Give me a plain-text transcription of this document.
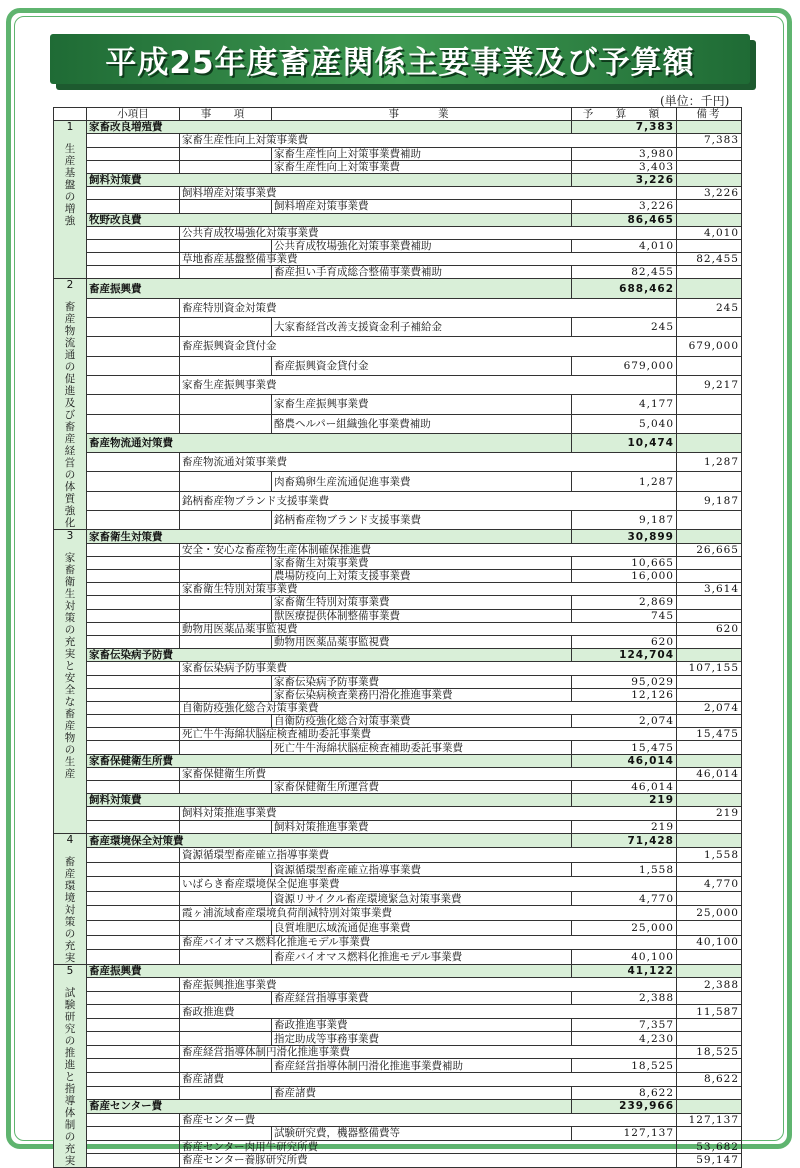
平成25年度畜産関係主要事業及び予算額
(単位：千円)
	小項目	事　項	事　　業	予　算　額	備考	

1
生産基盤の増強	家畜改良増殖費			7,383		
		家畜生産性向上対策事業費			7,383	
			家畜生産性向上対策事業費補助	3,980		
			家畜生産性向上対策事業費	3,403		
	飼料対策費			3,226		
		飼料増産対策事業費			3,226	
			飼料増産対策事業費	3,226		
	牧野改良費			86,465		
		公共育成牧場強化対策事業費			4,010	
			公共育成牧場強化対策事業費補助	4,010		
		草地畜産基盤整備事業費			82,455	
			畜産担い手育成総合整備事業費補助	82,455		

2
畜産物流通の促進及び畜産経営の体質強化	畜産振興費			688,462		
		畜産特別資金対策費			245	
			大家畜経営改善支援資金利子補給金	245		
		畜産振興資金貸付金			679,000	
			畜産振興資金貸付金	679,000		
		家畜生産振興事業費			9,217	
			家畜生産振興事業費	4,177		
			酪農ヘルパー組織強化事業費補助	5,040		
	畜産物流通対策費			10,474		
		畜産物流通対策事業費			1,287	
			肉畜鶏卵生産流通促進事業費	1,287		
		銘柄畜産物ブランド支援事業費			9,187	
			銘柄畜産物ブランド支援事業費	9,187		

3
家畜衛生対策の充実と安全な畜産物の生産	家畜衛生対策費			30,899		
		安全・安心な畜産物生産体制確保推進費			26,665	
			家畜衛生対策事業費	10,665		
			農場防疫向上対策支援事業費	16,000		
		家畜衛生特別対策事業費			3,614	
			家畜衛生特別対策事業費	2,869		
			獣医療提供体制整備事業費	745		
		動物用医薬品薬事監視費			620	
			動物用医薬品薬事監視費	620		
	家畜伝染病予防費			124,704		
		家畜伝染病予防事業費			107,155	
			家畜伝染病予防事業費	95,029		
			家畜伝染病検査業務円滑化推進事業費	12,126		
		自衛防疫強化総合対策事業費			2,074	
			自衛防疫強化総合対策事業費	2,074		
		死亡牛牛海綿状脳症検査補助委託事業費			15,475	
			死亡牛牛海綿状脳症検査補助委託事業費	15,475		
	家畜保健衛生所費			46,014		
		家畜保健衛生所費			46,014	
			家畜保健衛生所運営費	46,014		
	飼料対策費			219		
		飼料対策推進事業費			219	
			飼料対策推進事業費	219		

4
畜産環境対策の充実	畜産環境保全対策費			71,428		
		資源循環型畜産確立指導事業費			1,558	
			資源循環型畜産確立指導事業費	1,558		
		いばらき畜産環境保全促進事業費			4,770	
			資源リサイクル畜産環境緊急対策事業費	4,770		
		霞ヶ浦流域畜産環境負荷削減特別対策事業費			25,000	
			良質堆肥広域流通促進事業費	25,000		
		畜産バイオマス燃料化推進モデル事業費			40,100	
			畜産バイオマス燃料化推進モデル事業費	40,100		

5
試験研究の推進と指導体制の充実	畜産振興費			41,122		
		畜産振興推進事業費			2,388	
			畜産経営指導事業費	2,388		
		畜政推進費			11,587	
			畜政推進事業費	7,357		
			指定助成等事務事業費	4,230		
		畜産経営指導体制円滑化推進事業費			18,525	
			畜産経営指導体制円滑化推進事業費補助	18,525		
		畜産諸費			8,622	
			畜産諸費	8,622		
	畜産センター費			239,966		
		畜産センター費			127,137	
			試験研究費，機器整備費等	127,137		
		畜産センター肉用牛研究所費			53,682	
		畜産センター養豚研究所費			59,147	
